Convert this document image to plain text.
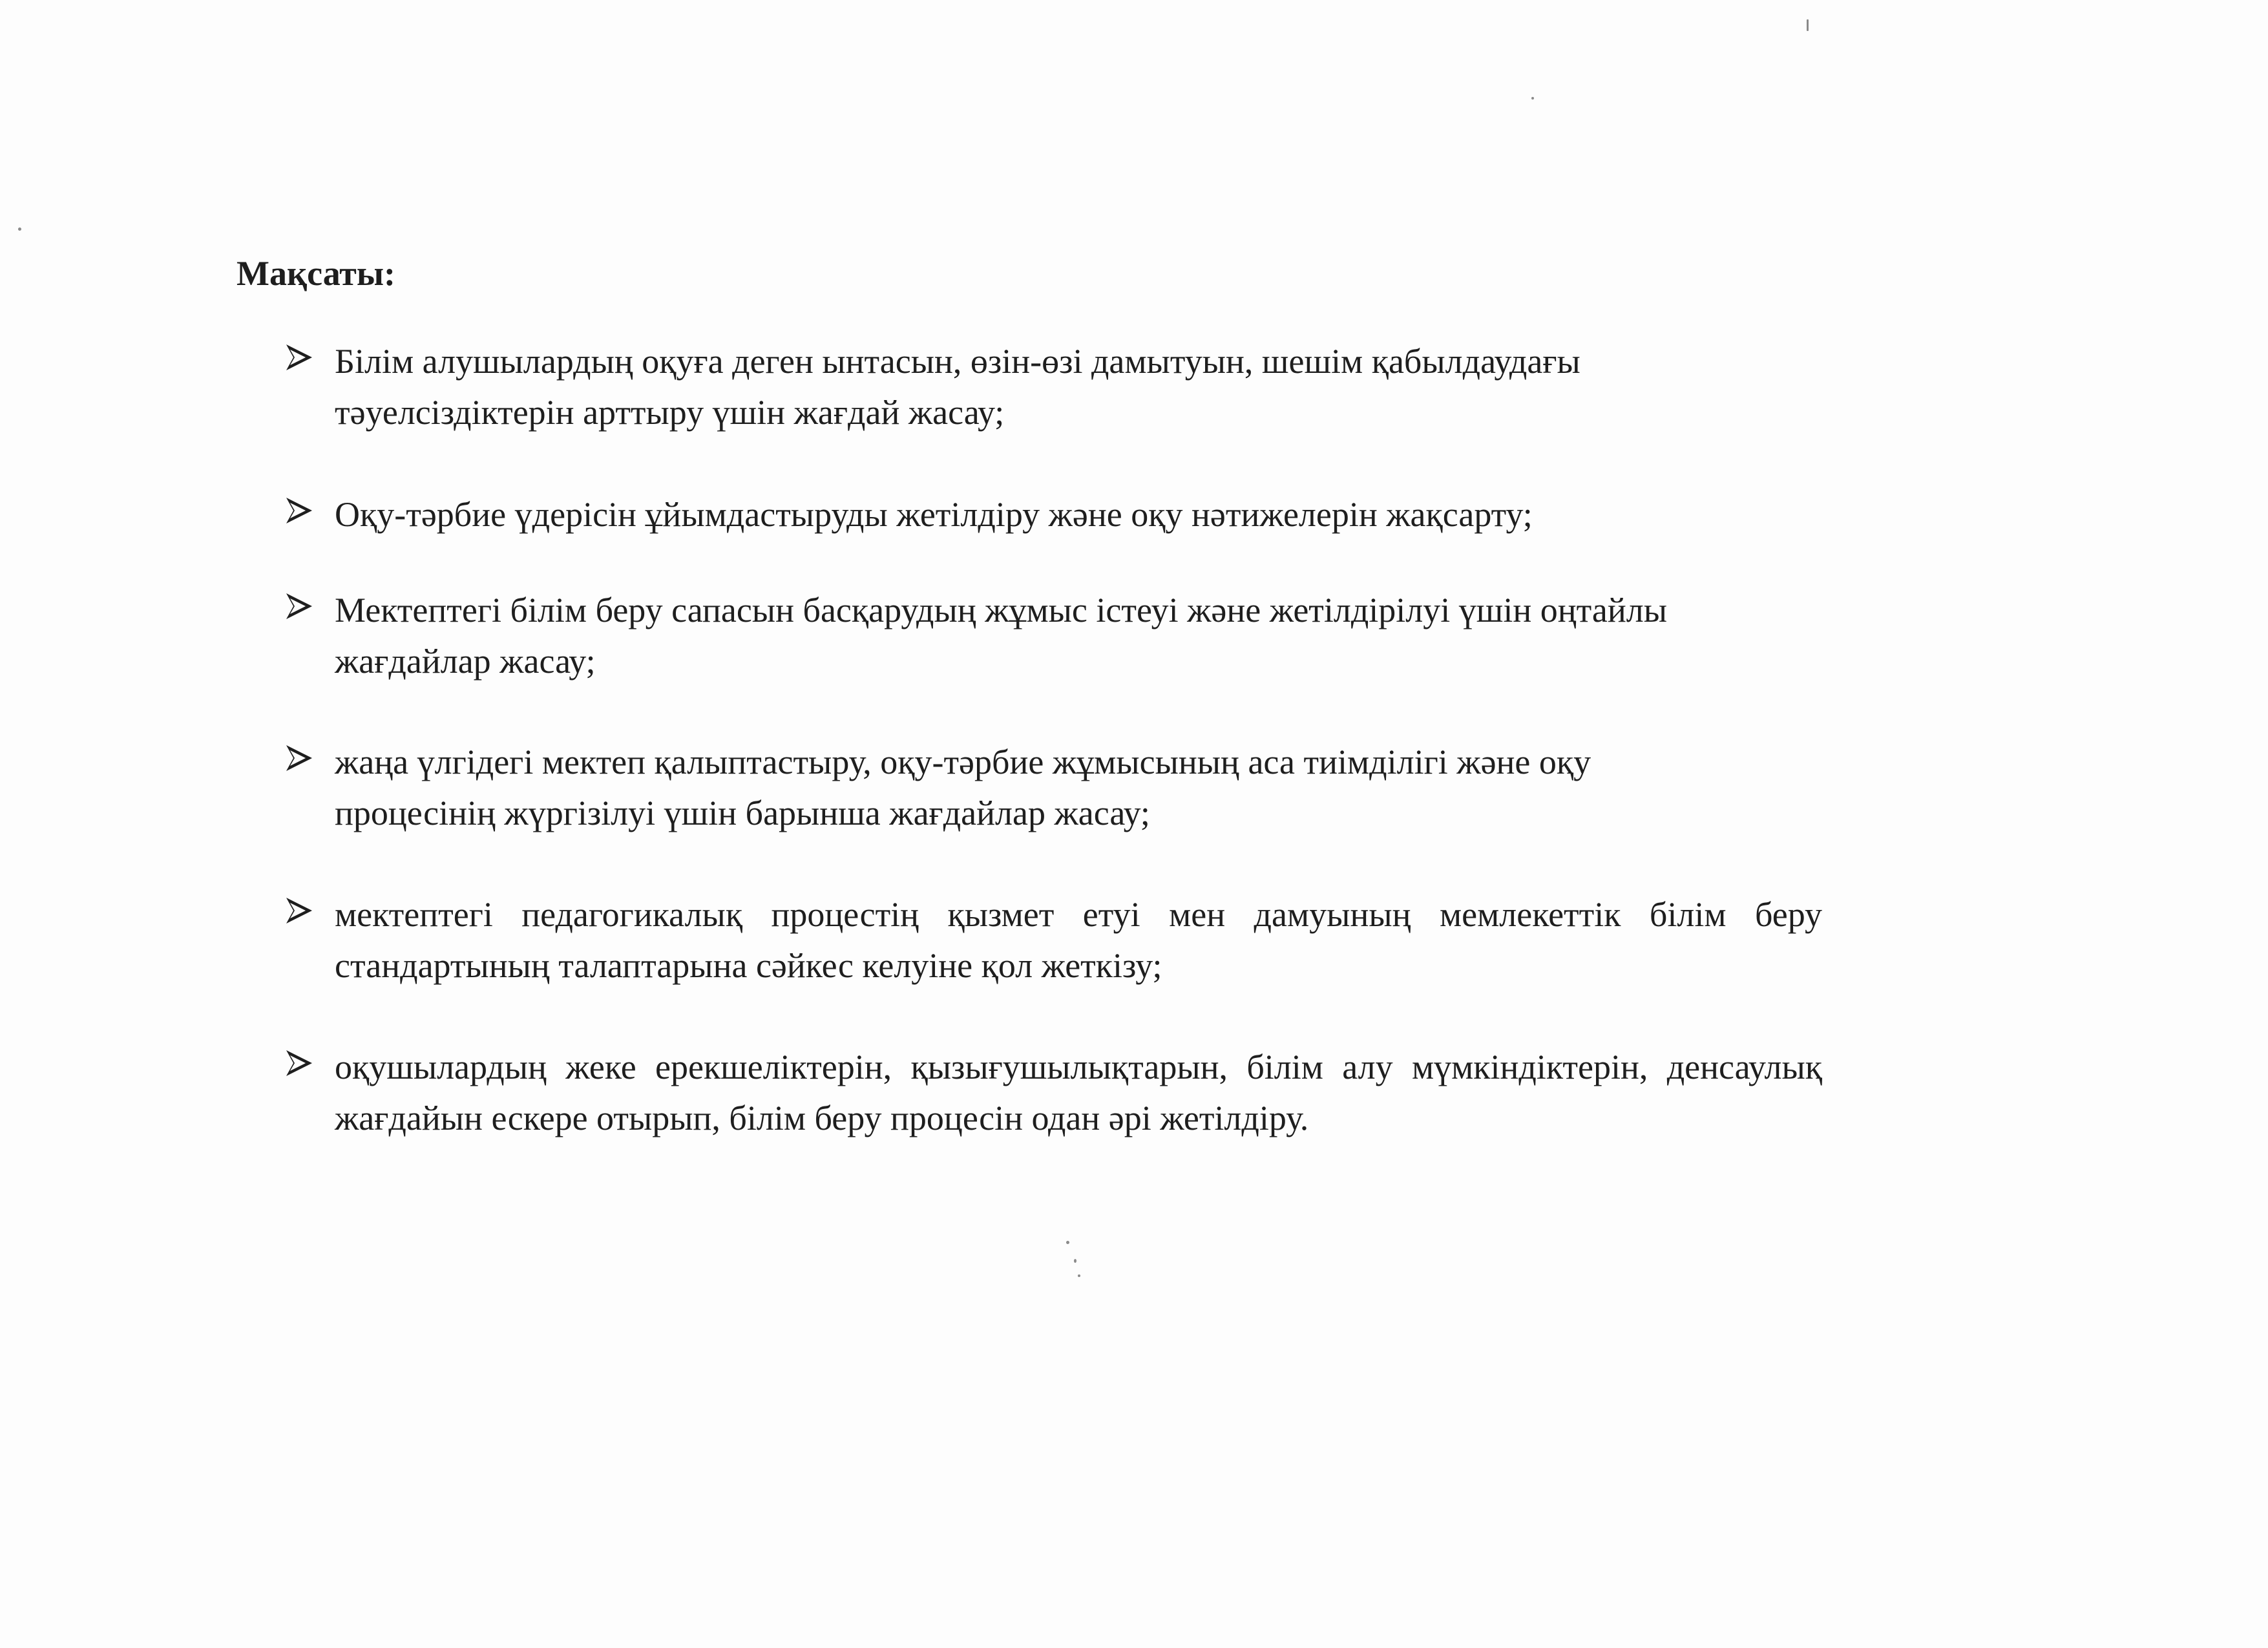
Мақсаты:
Білім алушылардың оқуға деген ынтасын, өзін-өзі дамытуын, шешім қабылдаудағы тәуелсіздіктерін арттыру үшін жағдай жасау;
Оқу-тәрбие үдерісін ұйымдастыруды жетілдіру және оқу нәтижелерін жақсарту;
Мектептегі білім беру сапасын басқарудың жұмыс істеуі және жетілдірілуі үшін оңтайлы жағдайлар жасау;
жаңа үлгідегі мектеп қалыптастыру, оқу-тәрбие жұмысының аса тиімділігі және оқу процесінің жүргізілуі үшін барынша жағдайлар жасау;
мектептегі педагогикалық процестің қызмет етуі мен дамуының мемлекеттік білім беру стандартының талаптарына сәйкес келуіне қол жеткізу;
оқушылардың жеке ерекшеліктерін, қызығушылықтарын, білім алу мүмкіндіктерін, денсаулық жағдайын ескере отырып, білім беру процесін одан әрі жетілдіру.
